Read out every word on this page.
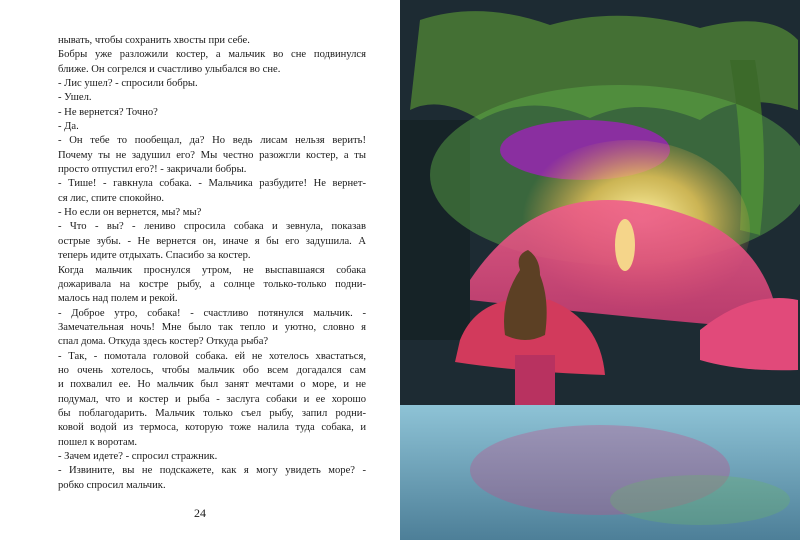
нывать, чтобы сохранить хвосты при себе.
Бобры уже разложили костер, а мальчик во сне подвинулся
ближе. Он согрелся и счастливо улыбался во сне.
- Лис ушел? - спросили бобры.
- Ушел.
- Не вернется? Точно?
- Да.
- Он тебе то пообещал, да? Но ведь лисам нельзя верить!
Почему ты не задушил его? Мы честно разожгли костер, а ты
просто отпустил его?! - закричали бобры.
- Тише! - гавкнула собака. - Мальчика разбудите! Не вернет-
ся лис, спите спокойно.
- Но если он вернется, мы? мы?
- Что - вы? - лениво спросила собака и зевнула, показав
острые зубы. - Не вернется он, иначе я бы его задушила. А
теперь идите отдыхать. Спасибо за костер.
Когда мальчик проснулся утром, не выспавшаяся собака
дожаривала на костре рыбу, а солнце только-только подни-
малось над полем и рекой.
- Доброе утро, собака! - счастливо потянулся мальчик. -
Замечательная ночь! Мне было так тепло и уютно, словно я
спал дома. Откуда здесь костер? Откуда рыба?
- Так, - помотала головой собака. ей не хотелось хвастаться,
но очень хотелось, чтобы мальчик обо всем догадался сам
и похвалил ее. Но мальчик был занят мечтами о море, и не
подумал, что и костер и рыба - заслуга собаки и ее хорошо
бы поблагодарить. Мальчик только съел рыбу, запил родни-
ковой водой из термоса, которую тоже налила туда собака, и
пошел к воротам.
- Зачем идете? - спросил стражник.
- Извините, вы не подскажете, как я могу увидеть море? -
робко спросил мальчик.
24
